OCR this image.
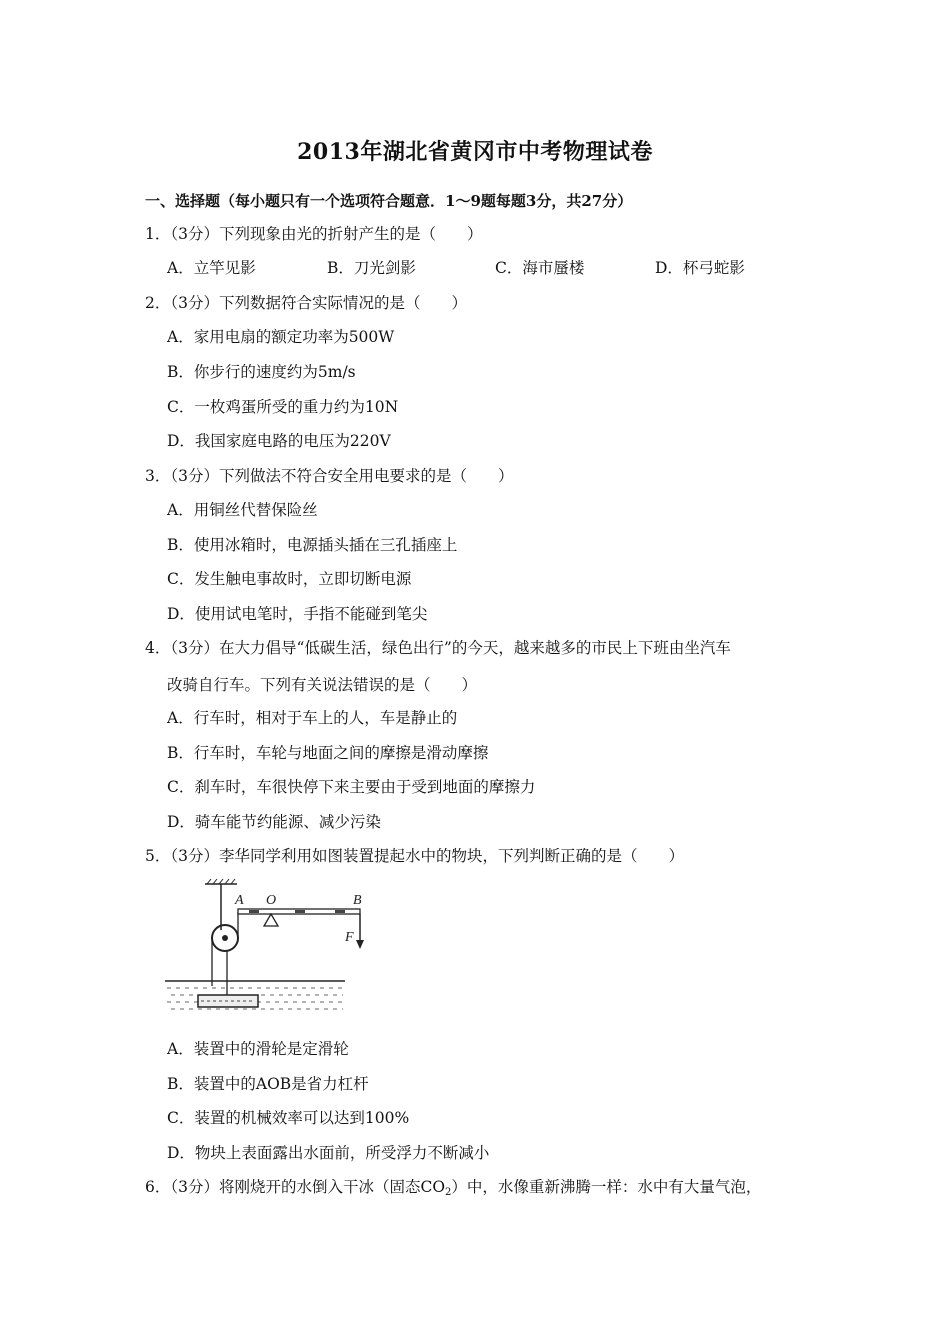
2013年湖北省黄冈市中考物理试卷
一、选择题（每小题只有一个选项符合题意．1～9题每题3分，共27分）
1．（3分）下列现象由光的折射产生的是（　　）
A．立竿见影	B．刀光剑影	C．海市蜃楼	D．杯弓蛇影
2．（3分）下列数据符合实际情况的是（　　）
A．家用电扇的额定功率为500W
B．你步行的速度约为5m/s
C．一枚鸡蛋所受的重力约为10N
D．我国家庭电路的电压为220V
3．（3分）下列做法不符合安全用电要求的是（　　）
A．用铜丝代替保险丝
B．使用冰箱时，电源插头插在三孔插座上
C．发生触电事故时，立即切断电源
D．使用试电笔时，手指不能碰到笔尖
4．（3分）在大力倡导“低碳生活，绿色出行”的今天，越来越多的市民上下班由坐汽车
改骑自行车。下列有关说法错误的是（　　）
A．行车时，相对于车上的人，车是静止的
B．行车时，车轮与地面之间的摩擦是滑动摩擦
C．刹车时，车很快停下来主要由于受到地面的摩擦力
D．骑车能节约能源、减少污染
5．（3分）李华同学利用如图装置提起水中的物块，下列判断正确的是（　　）
A O	B
F
A．装置中的滑轮是定滑轮
B．装置中的AOB是省力杠杆
C．装置的机械效率可以达到100%
D．物块上表面露出水面前，所受浮力不断减小
6．（3分）将刚烧开的水倒入干冰（固态$CO_2$）中，水像重新沸腾一样：水中有大量气泡，
